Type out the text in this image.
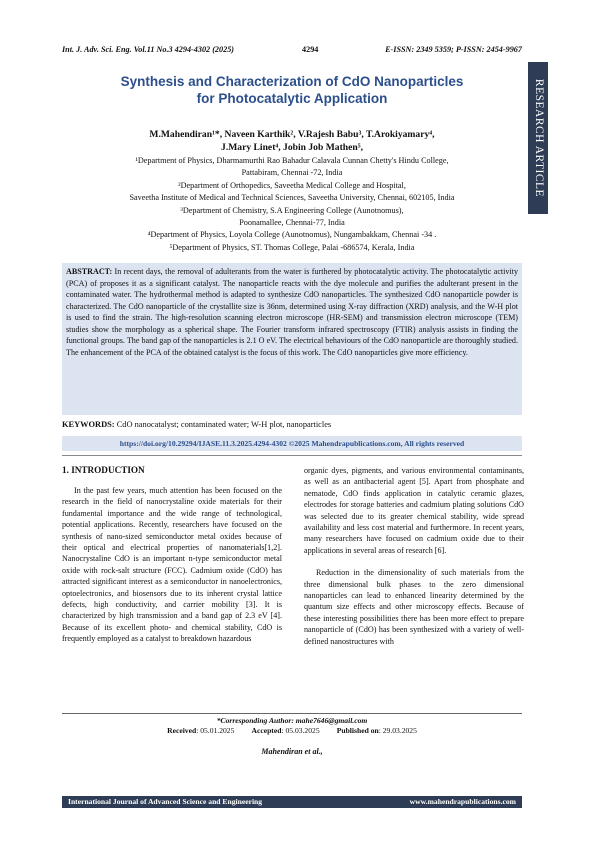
Int. J. Adv. Sci. Eng. Vol.11 No.3 4294-4302 (2025)	4294	E-ISSN: 2349 5359; P-ISSN: 2454-9967
RESEARCH ARTICLE
Synthesis and Characterization of CdO Nanoparticles
for Photocatalytic Application
M.Mahendiran¹*, Naveen Karthik², V.Rajesh Babu³, T.Arokiyamary⁴,
J.Mary Linet⁴, Jobin Job Mathen⁵,
¹Department of Physics, Dharmamurthi Rao Bahadur Calavala Cunnan Chetty's Hindu College,
Pattabiram, Chennai -72, India
²Department of Orthopedics, Saveetha Medical College and Hospital,
Saveetha Institute of Medical and Technical Sciences, Saveetha University, Chennai, 602105, India
³Department of Chemistry, S.A Engineering College (Aunotnomus),
Poonamallee, Chennai-77, India
⁴Department of Physics, Loyola College (Aunotnomus), Nungambakkam, Chennai -34 .
⁵Department of Physics, ST. Thomas College, Palai -686574, Kerala, India
ABSTRACT: In recent days, the removal of adulterants from the water is furthered by photocatalytic activity. The photocatalytic activity (PCA) of proposes it as a significant catalyst. The nanoparticle reacts with the dye molecule and purifies the adulterant present in the contaminated water. The hydrothermal method is adapted to synthesize CdO nanoparticles. The synthesized CdO nanoparticle powder is characterized. The CdO nanoparticle of the crystallite size is 36nm, determined using X-ray diffraction (XRD) analysis, and the W-H plot is used to find the strain. The high-resolution scanning electron microscope (HR-SEM) and transmission electron microscope (TEM) studies show the morphology as a spherical shape. The Fourier transform infrared spectroscopy (FTIR) analysis assists in finding the functional groups. The band gap of the nanoparticles is 2.1 O eV. The electrical behaviours of the CdO nanoparticle are thoroughly studied. The enhancement of the PCA of the obtained catalyst is the focus of this work. The CdO nanoparticles give more efficiency.
KEYWORDS: CdO nanocatalyst; contaminated water; W-H plot, nanoparticles
https://doi.org/10.29294/IJASE.11.3.2025.4294-4302 ©2025 Mahendrapublications.com, All rights reserved
1. INTRODUCTION

In the past few years, much attention has been focused on the research in the field of nanocrystaline oxide materials for their fundamental importance and the wide range of technological, potential applications. Recently, researchers have focused on the synthesis of nano-sized semiconductor metal oxides because of their optical and electrical properties of nanomaterials[1,2]. Nanocrystaline CdO is an important n-type semiconductor metal oxide with rock-salt structure (FCC). Cadmium oxide (CdO) has attracted significant interest as a semiconductor in nanoelectronics, optoelectronics, and biosensors due to its inherent crystal lattice defects, high conductivity, and carrier mobility [3]. It is characterized by high transmission and a band gap of 2.3 eV [4]. Because of its excellent photo- and chemical stability, CdO is frequently employed as a catalyst to breakdown hazardous

organic dyes, pigments, and various environmental contaminants, as well as an antibacterial agent [5]. Apart from phosphate and nematode, CdO finds application in catalytic ceramic glazes, electrodes for storage batteries and cadmium plating solutions CdO was selected due to its greater chemical stability, wide spread availability and less cost material and furthermore. In recent years, many researchers have focused on cadmium oxide due to their applications in several areas of research [6].

Reduction in the dimensionality of such materials from the three dimensional bulk phases to the zero dimensional nanoparticles can lead to enhanced linearity determined by the quantum size effects and other microscopy effects. Because of these interesting possibilities there has been more effect to prepare nanoparticle of (CdO) has been synthesized with a variety of well-defined nanostructures with

*Corresponding Author: mahe7646@gmail.com
Received: 05.01.2025 Accepted: 05.03.2025 Published on: 29.03.2025
Mahendiran et al.,
International Journal of Advanced Science and Engineering	www.mahendrapublications.com
